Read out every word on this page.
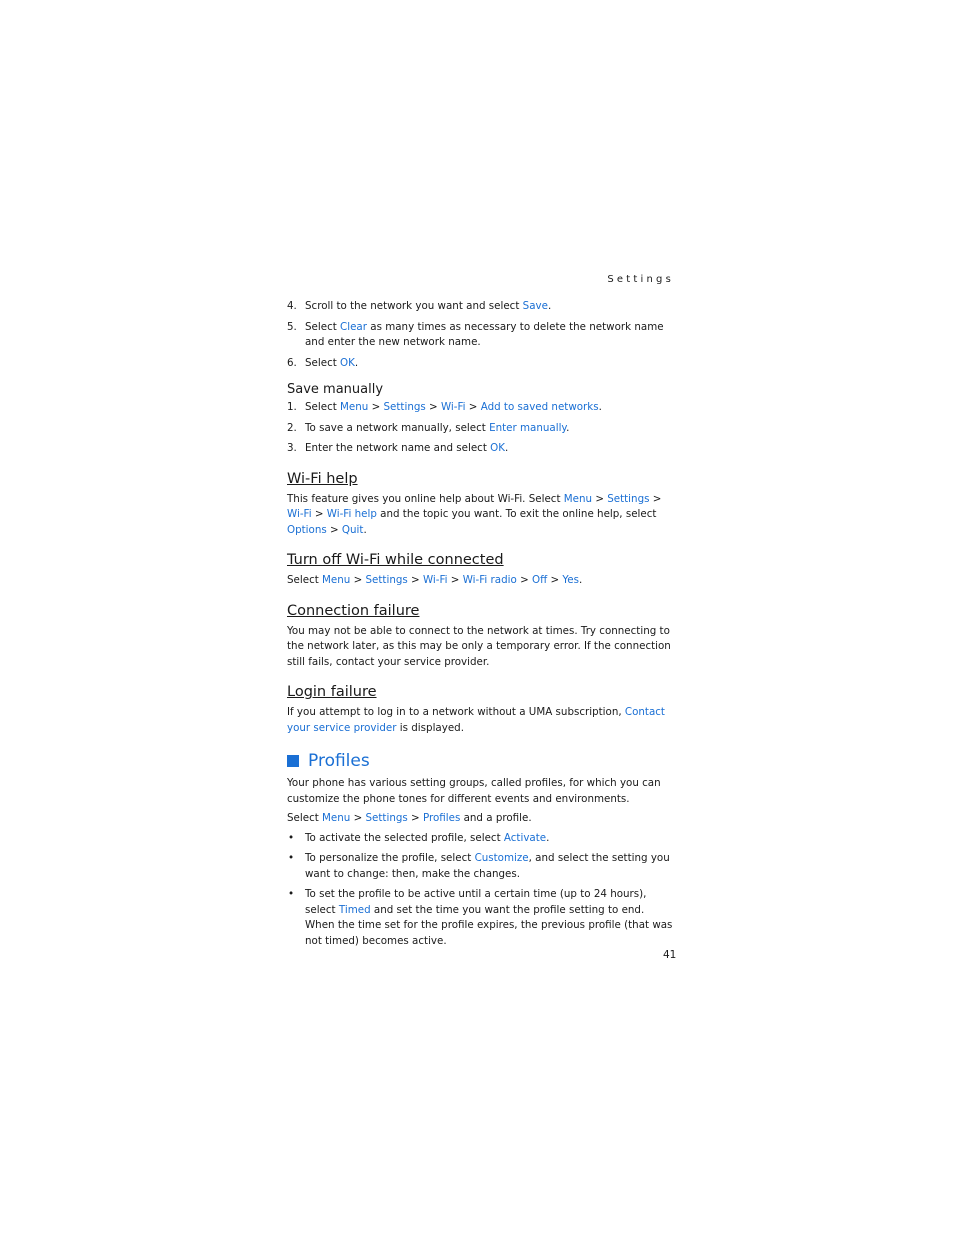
Settings
4. Scroll to the network you want and select Save.
5. Select Clear as many times as necessary to delete the network name and enter the new network name.
6. Select OK.
Save manually
1. Select Menu > Settings > Wi-Fi > Add to saved networks.
2. To save a network manually, select Enter manually.
3. Enter the network name and select OK.
Wi-Fi help

This feature gives you online help about Wi-Fi. Select Menu > Settings > Wi-Fi > Wi-Fi help and the topic you want. To exit the online help, select Options > Quit.

Turn off Wi-Fi while connected

Select Menu > Settings > Wi-Fi > Wi-Fi radio > Off > Yes.

Connection failure

You may not be able to connect to the network at times. Try connecting to the network later, as this may be only a temporary error. If the connection still fails, contact your service provider.

Login failure

If you attempt to log in to a network without a UMA subscription, Contact your service provider is displayed.

Profiles

Your phone has various setting groups, called profiles, for which you can customize the phone tones for different events and environments.

Select Menu > Settings > Profiles and a profile.

• To activate the selected profile, select Activate.
• To personalize the profile, select Customize, and select the setting you want to change: then, make the changes.
• To set the profile to be active until a certain time (up to 24 hours), select Timed and set the time you want the profile setting to end. When the time set for the profile expires, the previous profile (that was not timed) becomes active.
41
